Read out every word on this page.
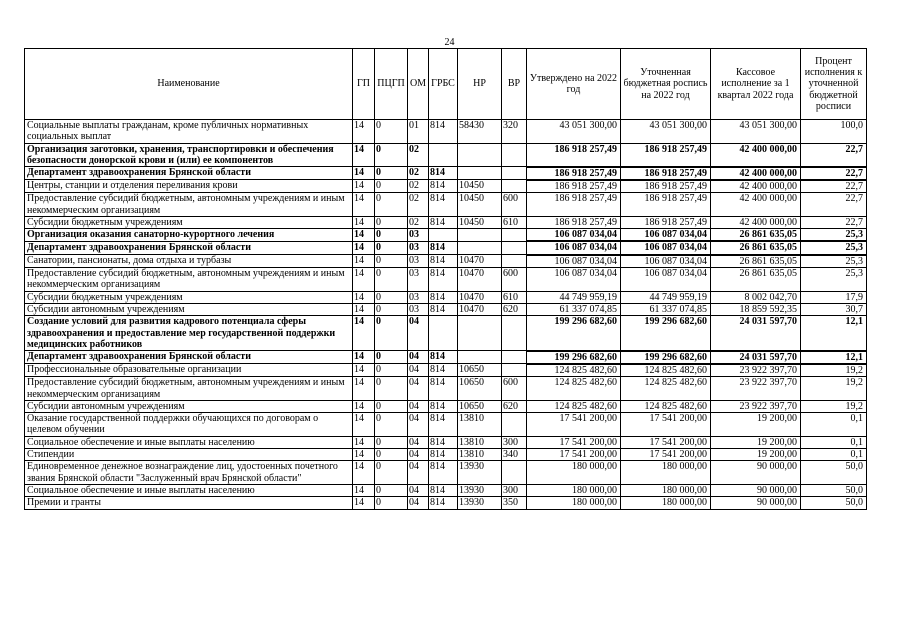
24
Наименование	ГП	ПЦГП	ОМ	ГРБС	НР	ВР	Утверждено на 2022 год	Уточненная бюджетная роспись на 2022 год	Кассовое исполнение за 1 квартал 2022 года	Процент исполнения к уточненной бюджетной росписи
Социальные выплаты гражданам, кроме публичных нормативных социальных выплат	14	0	01	814	58430	320	43 051 300,00	43 051 300,00	43 051 300,00	100,0
Организация заготовки, хранения, транспортировки и обеспечения безопасности донорской крови и (или) ее компонентов	14	0	02				186 918 257,49	186 918 257,49	42 400 000,00	22,7
Департамент здравоохранения Брянской области	14	0	02	814			186 918 257,49	186 918 257,49	42 400 000,00	22,7
Центры, станции и отделения переливания крови	14	0	02	814	10450		186 918 257,49	186 918 257,49	42 400 000,00	22,7
Предоставление субсидий бюджетным, автономным учреждениям и иным некоммерческим организациям	14	0	02	814	10450	600	186 918 257,49	186 918 257,49	42 400 000,00	22,7
Субсидии бюджетным учреждениям	14	0	02	814	10450	610	186 918 257,49	186 918 257,49	42 400 000,00	22,7
Организация оказания санаторно-курортного лечения	14	0	03				106 087 034,04	106 087 034,04	26 861 635,05	25,3
Департамент здравоохранения Брянской области	14	0	03	814			106 087 034,04	106 087 034,04	26 861 635,05	25,3
Санатории, пансионаты, дома отдыха и турбазы	14	0	03	814	10470		106 087 034,04	106 087 034,04	26 861 635,05	25,3
Предоставление субсидий бюджетным, автономным учреждениям и иным некоммерческим организациям	14	0	03	814	10470	600	106 087 034,04	106 087 034,04	26 861 635,05	25,3
Субсидии бюджетным учреждениям	14	0	03	814	10470	610	44 749 959,19	44 749 959,19	8 002 042,70	17,9
Субсидии автономным учреждениям	14	0	03	814	10470	620	61 337 074,85	61 337 074,85	18 859 592,35	30,7
Создание условий для развития кадрового потенциала сферы здравоохранения и предоставление мер государственной поддержки медицинских работников	14	0	04				199 296 682,60	199 296 682,60	24 031 597,70	12,1
Департамент здравоохранения Брянской области	14	0	04	814			199 296 682,60	199 296 682,60	24 031 597,70	12,1
Профессиональные образовательные организации	14	0	04	814	10650		124 825 482,60	124 825 482,60	23 922 397,70	19,2
Предоставление субсидий бюджетным, автономным учреждениям и иным некоммерческим организациям	14	0	04	814	10650	600	124 825 482,60	124 825 482,60	23 922 397,70	19,2
Субсидии автономным учреждениям	14	0	04	814	10650	620	124 825 482,60	124 825 482,60	23 922 397,70	19,2
Оказание государственной поддержки обучающихся по договорам о целевом обучении	14	0	04	814	13810		17 541 200,00	17 541 200,00	19 200,00	0,1
Социальное обеспечение и иные выплаты населению	14	0	04	814	13810	300	17 541 200,00	17 541 200,00	19 200,00	0,1
Стипендии	14	0	04	814	13810	340	17 541 200,00	17 541 200,00	19 200,00	0,1
Единовременное денежное вознаграждение лиц, удостоенных почетного звания Брянской области "Заслуженный врач Брянской области"	14	0	04	814	13930		180 000,00	180 000,00	90 000,00	50,0
Социальное обеспечение и иные выплаты населению	14	0	04	814	13930	300	180 000,00	180 000,00	90 000,00	50,0
Премии и гранты	14	0	04	814	13930	350	180 000,00	180 000,00	90 000,00	50,0
